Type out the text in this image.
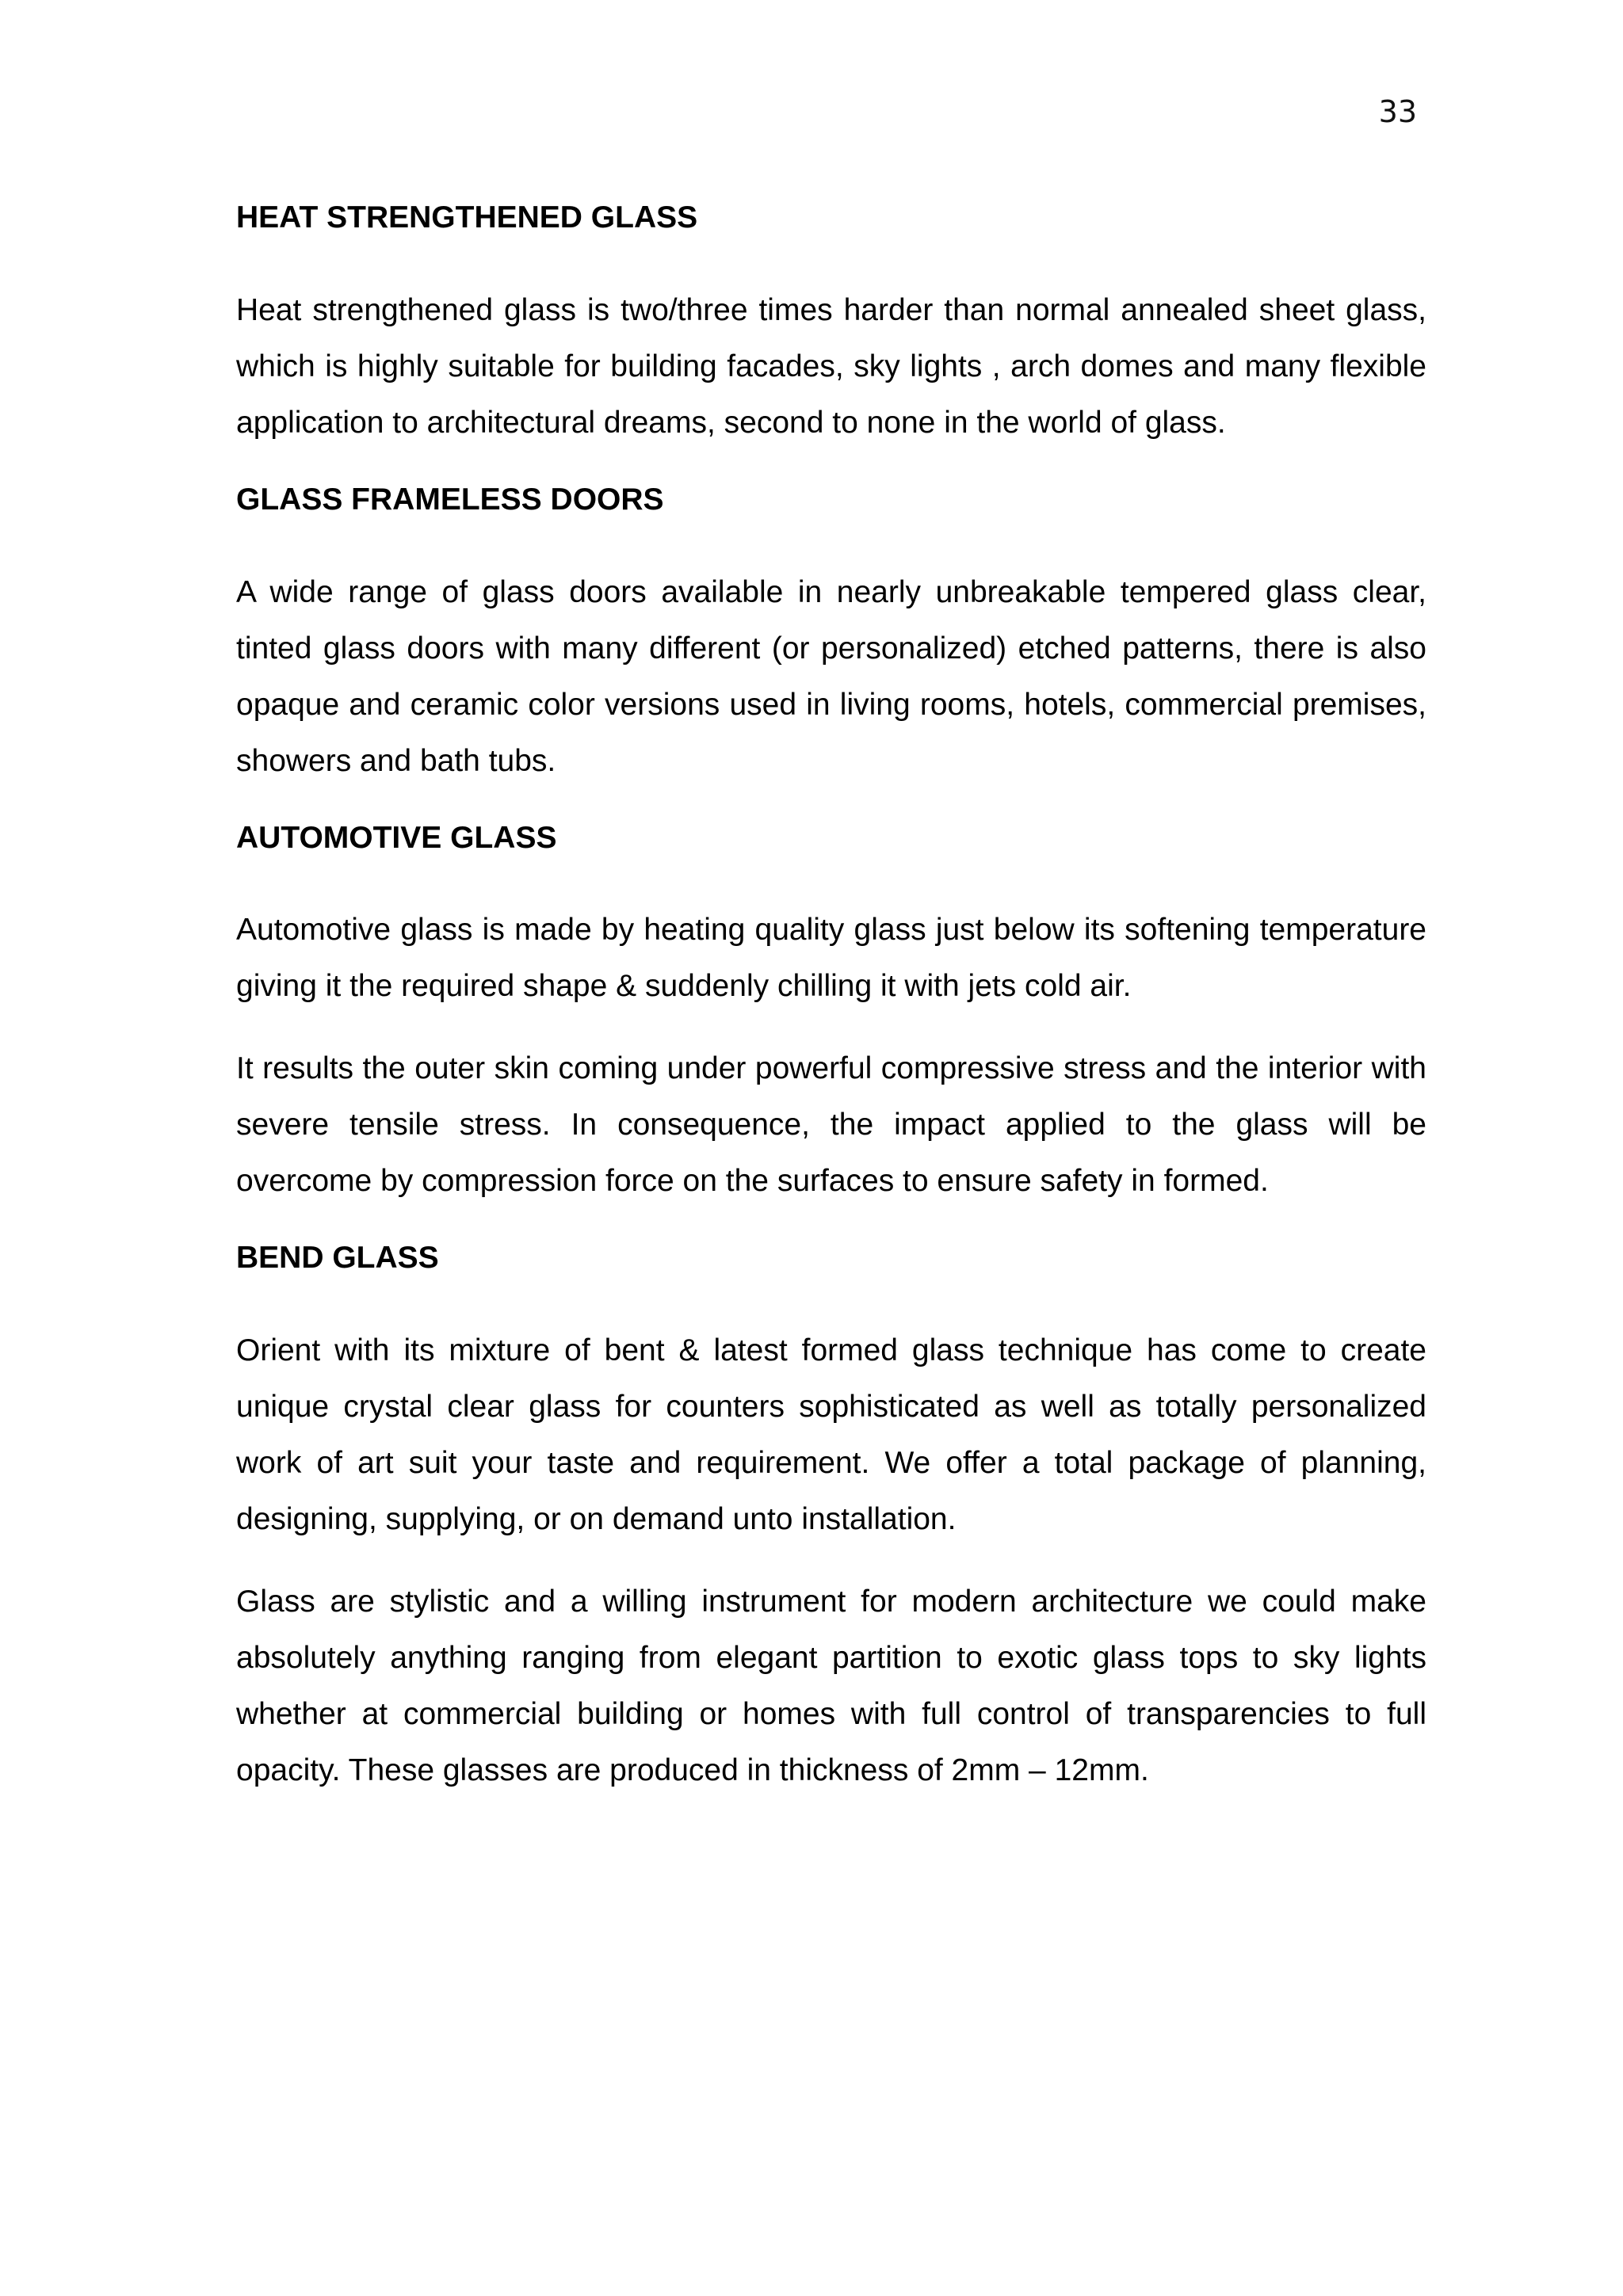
33
HEAT STRENGTHENED GLASS

Heat strengthened glass is two/three times harder than normal annealed sheet glass, which is highly suitable for building facades, sky lights , arch domes and many flexible application to architectural dreams, second to none in the world of glass.

GLASS FRAMELESS DOORS

A wide range of glass doors available in nearly unbreakable tempered glass clear, tinted glass doors with many different (or personalized) etched patterns, there is also opaque and ceramic color versions used in living rooms, hotels, commercial premises, showers and bath tubs.

AUTOMOTIVE GLASS

Automotive glass is made by heating quality glass just below its softening temperature giving it the required shape & suddenly chilling it with jets cold air.

It results the outer skin coming under powerful compressive stress and the interior with severe tensile stress. In consequence, the impact applied to the glass will be overcome by compression force on the surfaces to ensure safety in formed.

BEND GLASS

Orient with its mixture of bent & latest formed glass technique has come to create unique crystal clear glass for counters sophisticated as well as totally personalized work of art suit your taste and requirement. We offer a total package of planning, designing, supplying, or on demand unto installation.

Glass are stylistic and a willing instrument for modern architecture we could make absolutely anything ranging from elegant partition to exotic glass tops to sky lights whether at commercial building or homes with full control of transparencies to full opacity. These glasses are produced in thickness of 2mm – 12mm.
